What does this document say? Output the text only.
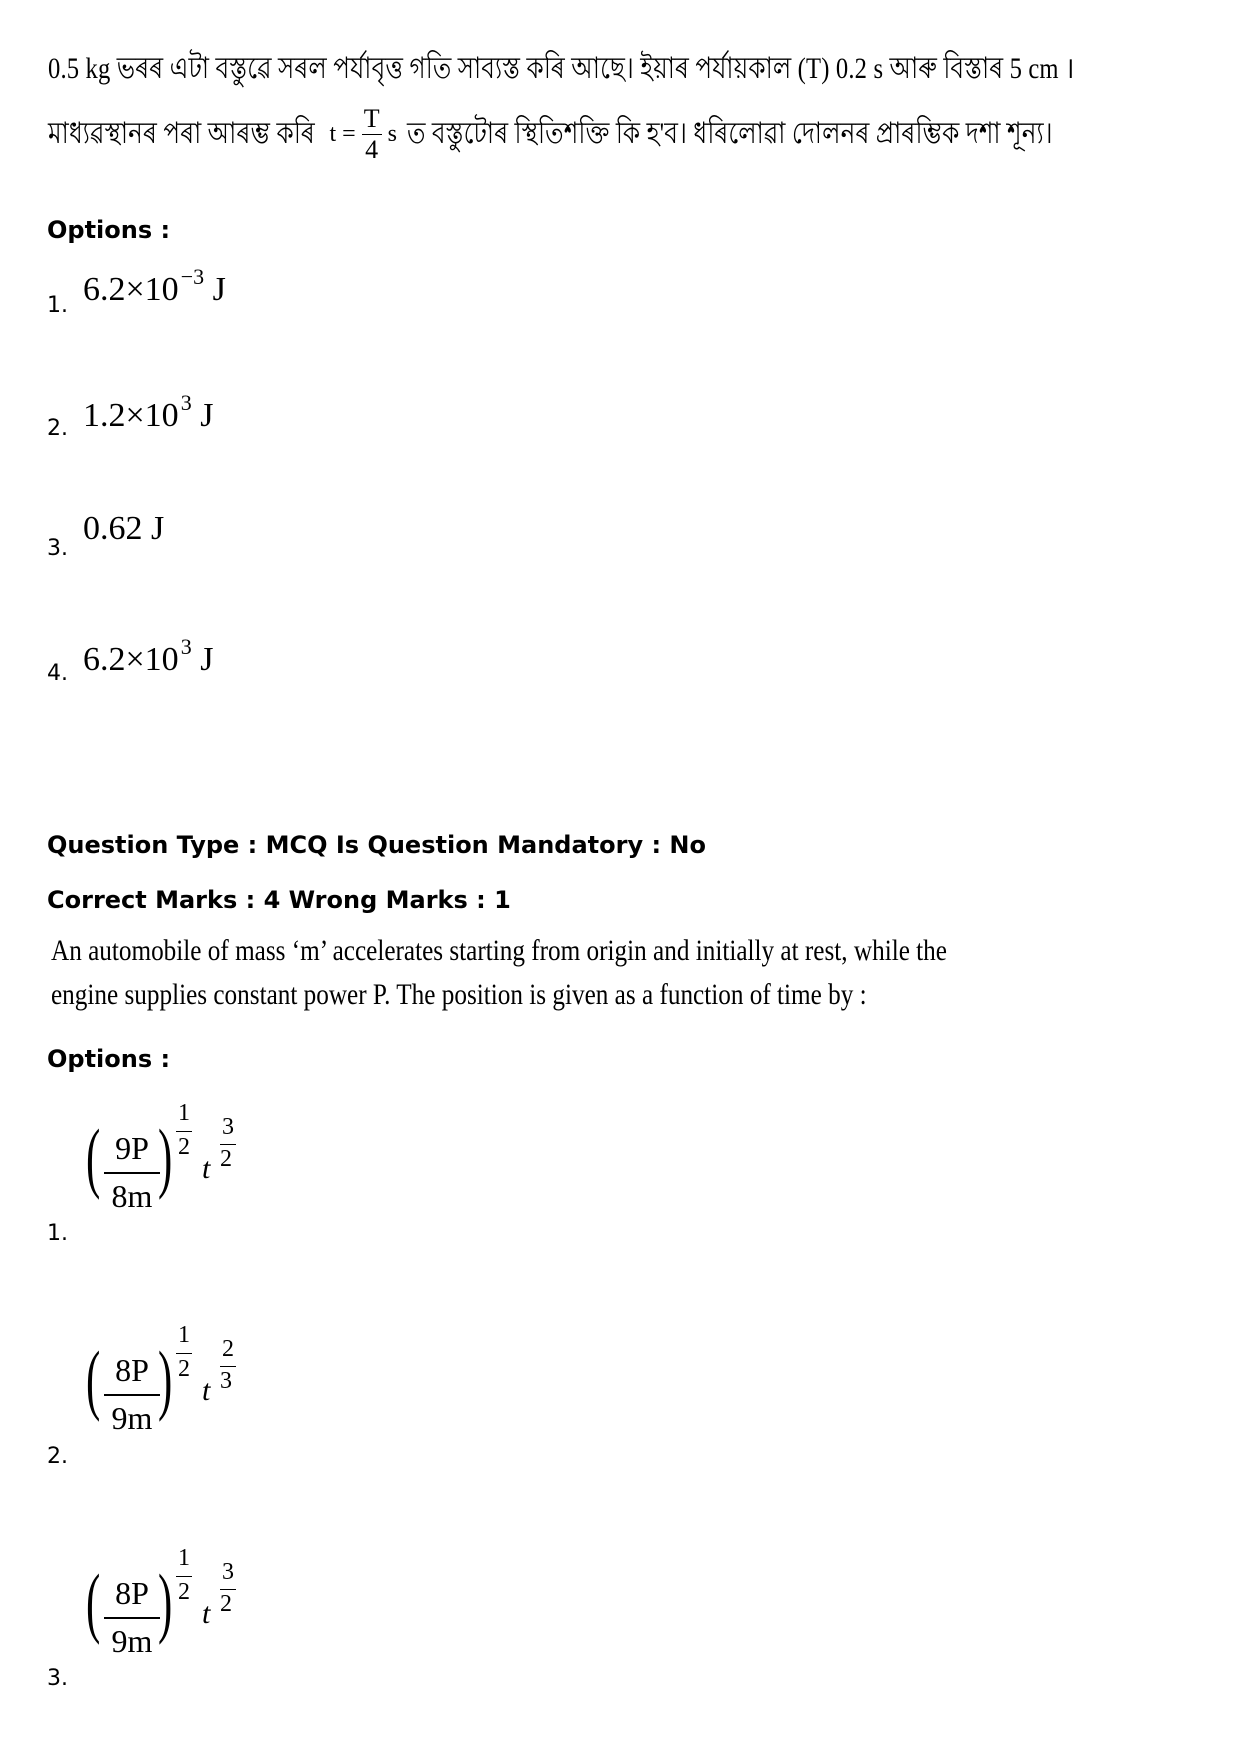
0.5 kg ভৰৰ এটা বস্তুৱে সৰল পৰ্যাবৃত্ত গতি সাব্যস্ত কৰি আছে। ইয়াৰ পৰ্যায়কাল (T) 0.2 s আৰু বিস্তাৰ 5 cm ।
মাধ্যৱস্থানৰ পৰা আৰম্ভ কৰি $t = \frac{T}{4}$ s ত বস্তুটোৰ স্থিতিশক্তি কি হ'ব। ধৰিলোৱা দোলনৰ প্ৰাৰম্ভিক দশা শূন্য।
Options :
1. $6.2\times 10^{-3}$ J
2. $1.2\times 10^3$ J
3.
0.62 J
4. $6.2\times 10^3$ J
Question Type : MCQ Is Question Mandatory : No
Correct Marks : 4 Wrong Marks : 1
An automobile of mass ‘m’ accelerates starting from origin and initially at rest, while the
engine supplies constant power P. The position is given as a function of time by :
Options :
1.
( 9P
8m ) 1
2
t
3
2
2.
( 8P
9m ) 1
2
t
2
3
3.
( 8P
9m ) 1
2
t
3
2
